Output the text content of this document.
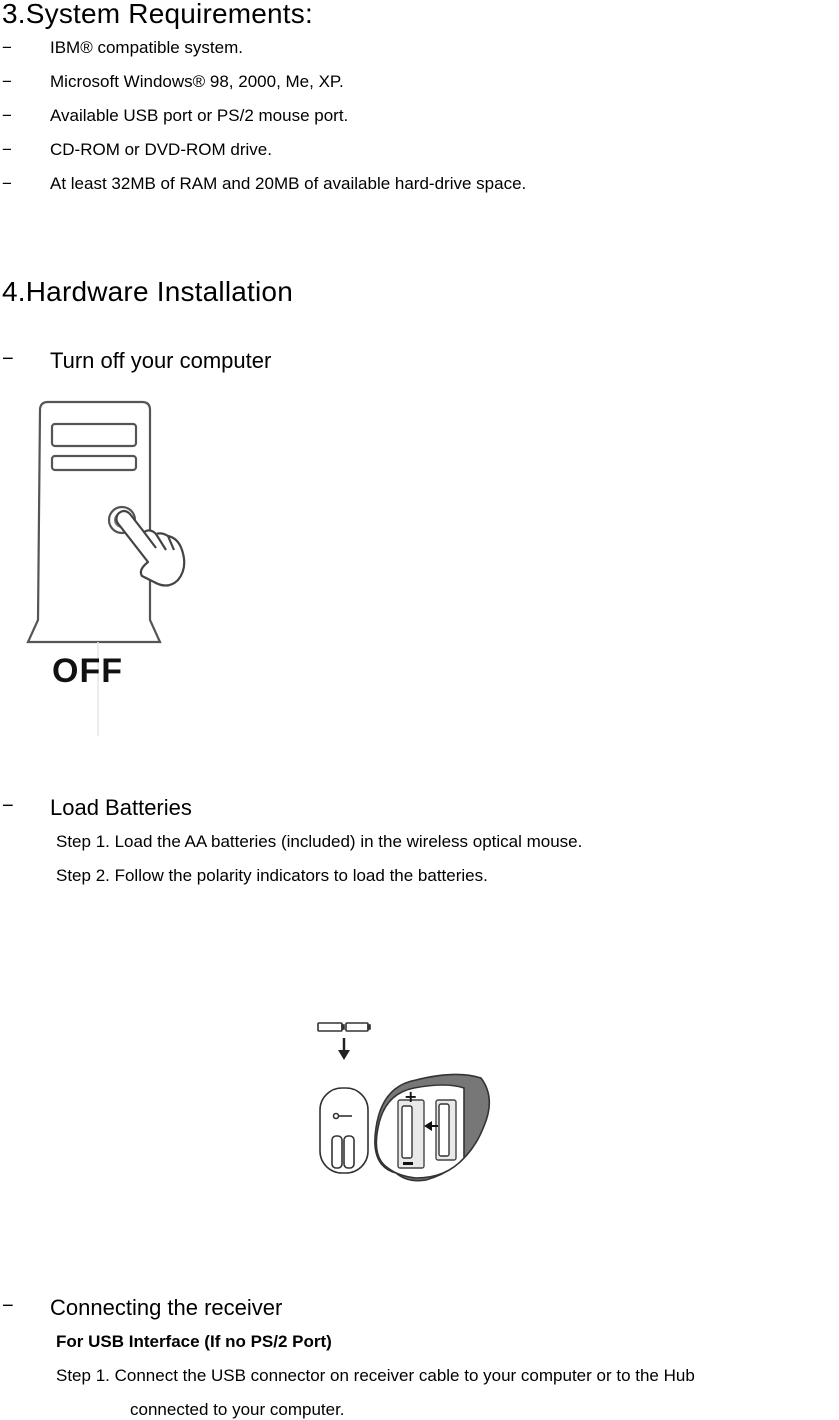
3.System Requirements:
− IBM® compatible system.
− Microsoft Windows® 98, 2000, Me, XP.
− Available USB port or PS/2 mouse port.
− CD-ROM or DVD-ROM drive.
− At least 32MB of RAM and 20MB of available hard-drive space.
4.Hardware Installation
− Turn off your computer
OFF
− Load Batteries
Step 1. Load the AA batteries (included) in the wireless optical mouse.
Step 2. Follow the polarity indicators to load the batteries.
+
− Connecting the receiver
For USB Interface (If no PS/2 Port)
Step 1. Connect the USB connector on receiver cable to your computer or to the Hub
connected to your computer.
